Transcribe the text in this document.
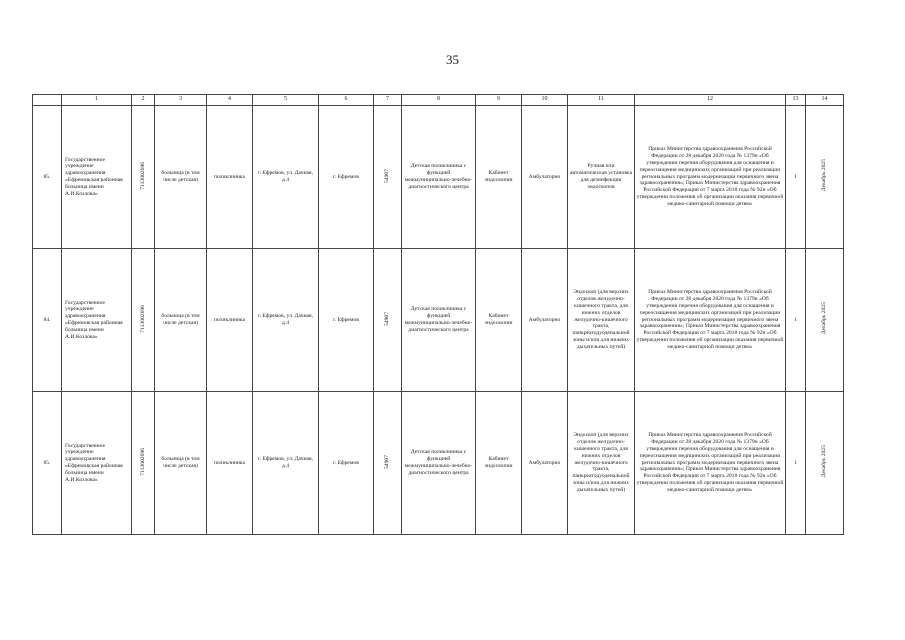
35
	1	2	3	4	5	6	7	8	9	10	11	12	13	14
85.	Государственное учреждение здравоохранения «Ефремовская районная больница имени А.И.Козлова»	7113002696	больница (в том числе детская)	поликлиника	г. Ефремов, ул. Дачная, д.4	г. Ефремов	54907	Детская поликлиника с функцией межмуниципально-лечебно-диагностического центра	Кабинет эндоскопии	Амбулаторно	Ручная или автоматическая установка для дезинфекции эндоскопов	Приказ Министерства здравоохранения Российской Федерации от 28 декабря 2020 года № 1379н «Об утверждении перечня оборудования для оснащения и переоснащения медицинских организаций при реализации региональных программ модернизации первичного звена здравоохранения»; Приказ Министерства здравоохранения Российской Федерации от 7 марта 2018 года № 92н «Об утверждении положения об организации оказания первичной медико-санитарной помощи детям»	1	Декабрь 2025
84.	Государственное учреждение здравоохранения «Ефремовская районная больница имени А.И.Козлова»	7113002696	больница (в том числе детская)	поликлиника	г. Ефремов, ул. Дачная, д.4	г. Ефремов	54907	Детская поликлиника с функцией межмуниципально-лечебно-диагностического центра	Кабинет эндоскопии	Амбулаторно	Эндоскоп (для верхних отделов желудочно-кишечного тракта, для нижних отделов желудочно-кишечного тракта, панкреатодуоденальной зоны и/или для нижних дыхательных путей)	Приказ Министерства здравоохранения Российской Федерации от 28 декабря 2020 года № 1379н «Об утверждении перечня оборудования для оснащения и переоснащения медицинских организаций при реализации региональных программ модернизации первичного звена здравоохранения»; Приказ Министерства здравоохранения Российской Федерации от 7 марта 2018 года № 92н «Об утверждении положения об организации оказания первичной медико-санитарной помощи детям»	1	Декабрь 2025
85.	Государственное учреждение здравоохранения «Ефремовская районная больница имени А.И.Козлова»	7113002696	больница (в том числе детская)	поликлиника	г. Ефремов, ул. Дачная, д.4	г. Ефремов	54907	Детская поликлиника с функцией межмуниципально-лечебно-диагностического центра	Кабинет эндоскопии	Амбулаторно	Эндоскоп (для верхних отделов желудочно-кишечного тракта, для нижних отделов желудочно-кишечного тракта, панкреатодуоденальной зоны и/или для нижних дыхательных путей)	Приказ Министерства здравоохранения Российской Федерации от 28 декабря 2020 года № 1379н «Об утверждении перечня оборудования для оснащения и переоснащения медицинских организаций при реализации региональных программ модернизации первичного звена здравоохранения»; Приказ Министерства здравоохранения Российской Федерации от 7 марта 2018 года № 92н «Об утверждении положения об организации оказания первичной медико-санитарной помощи детям»	1	Декабрь 2025
